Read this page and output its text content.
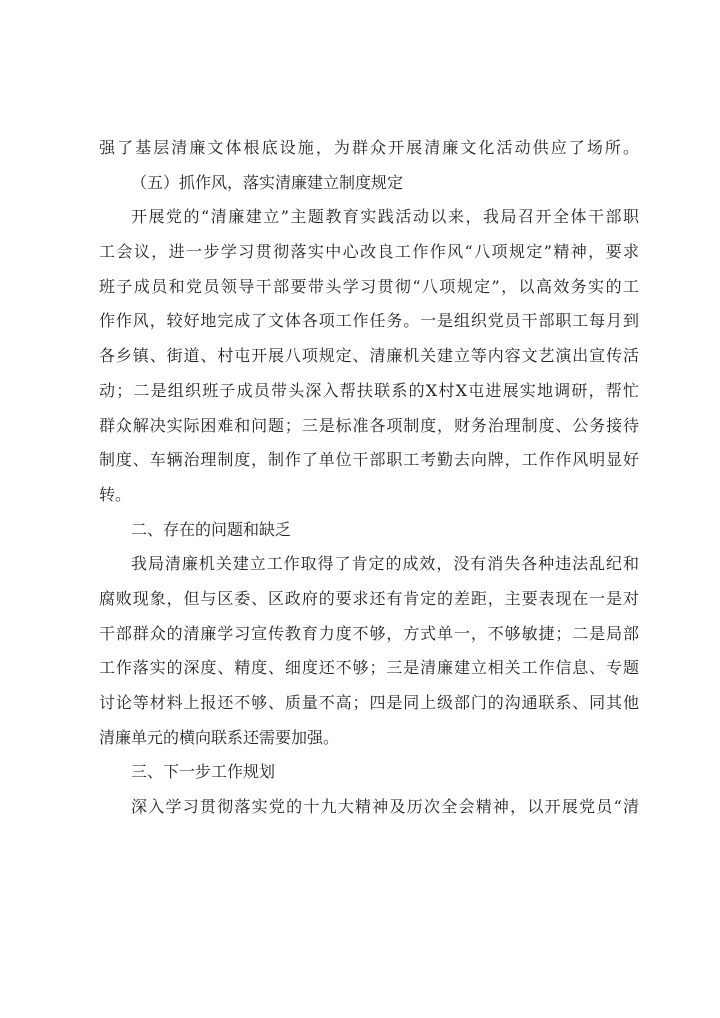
强了基层清廉文体根底设施，为群众开展清廉文化活动供应了场所。
（五）抓作风，落实清廉建立制度规定
开展党的“清廉建立”主题教育实践活动以来，我局召开全体干部职
工会议，进一步学习贯彻落实中心改良工作作风“八项规定”精神，要求
班子成员和党员领导干部要带头学习贯彻“八项规定”，以高效务实的工
作作风，较好地完成了文体各项工作任务。一是组织党员干部职工每月到
各乡镇、街道、村屯开展八项规定、清廉机关建立等内容文艺演出宣传活
动；二是组织班子成员带头深入帮扶联系的X村X屯进展实地调研，帮忙
群众解决实际困难和问题；三是标准各项制度，财务治理制度、公务接待
制度、车辆治理制度，制作了单位干部职工考勤去向牌，工作作风明显好
转。
二、存在的问题和缺乏
我局清廉机关建立工作取得了肯定的成效，没有消失各种违法乱纪和
腐败现象，但与区委、区政府的要求还有肯定的差距，主要表现在一是对
干部群众的清廉学习宣传教育力度不够，方式单一，不够敏捷；二是局部
工作落实的深度、精度、细度还不够；三是清廉建立相关工作信息、专题
讨论等材料上报还不够、质量不高；四是同上级部门的沟通联系、同其他
清廉单元的横向联系还需要加强。
三、下一步工作规划
深入学习贯彻落实党的十九大精神及历次全会精神，以开展党员“清
